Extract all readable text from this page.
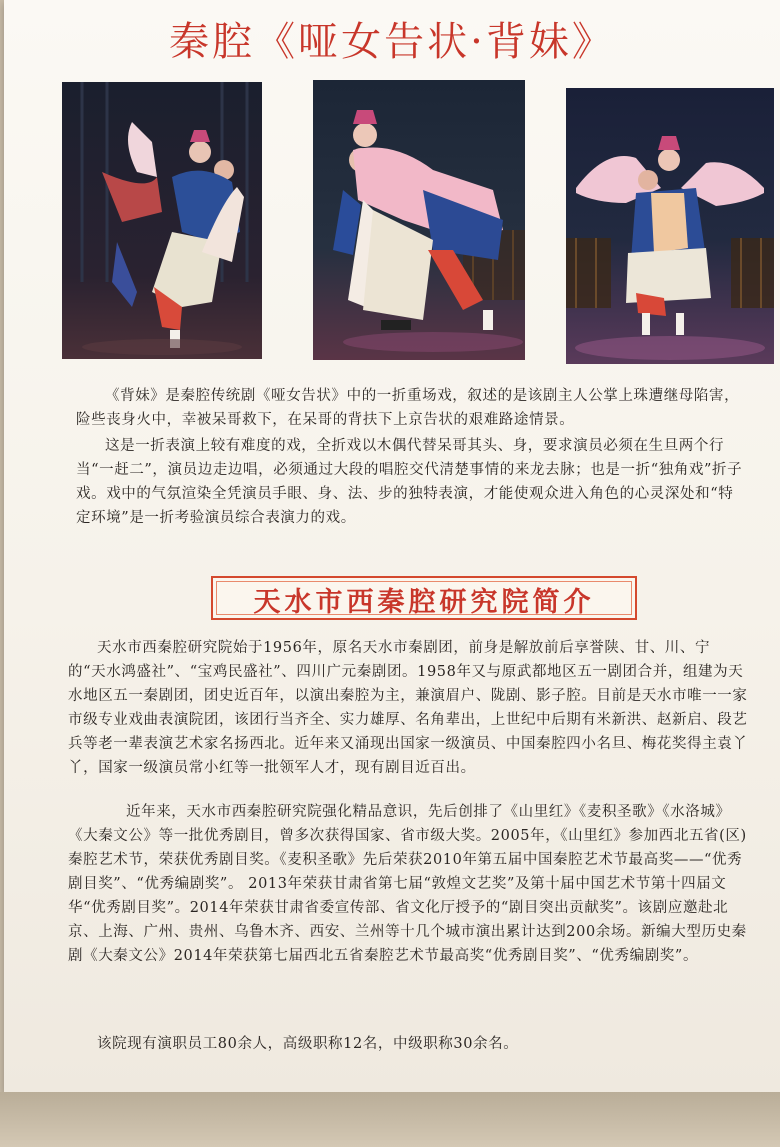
秦腔《哑女告状·背妹》

《背妹》是秦腔传统剧《哑女告状》中的一折重场戏，叙述的是该剧主人公掌上珠遭继母陷害，险些丧身火中，幸被呆哥救下，在呆哥的背扶下上京告状的艰难路途情景。

这是一折表演上较有难度的戏，全折戏以木偶代替呆哥其头、身，要求演员必须在生旦两个行当“一赶二”，演员边走边唱，必须通过大段的唱腔交代清楚事情的来龙去脉；也是一折“独角戏”折子戏。戏中的气氛渲染全凭演员手眼、身、法、步的独特表演，才能使观众进入角色的心灵深处和“特定环境”是一折考验演员综合表演力的戏。

天水市西秦腔研究院简介

天水市西秦腔研究院始于1956年，原名天水市秦剧团，前身是解放前后享誉陕、甘、川、宁的“天水鸿盛社”、“宝鸡民盛社”、四川广元秦剧团。1958年又与原武都地区五一剧团合并，组建为天水地区五一秦剧团，团史近百年，以演出秦腔为主，兼演眉户、陇剧、影子腔。目前是天水市唯一一家市级专业戏曲表演院团，该团行当齐全、实力雄厚、名角辈出，上世纪中后期有米新洪、赵新启、段艺兵等老一辈表演艺术家名扬西北。近年来又涌现出国家一级演员、中国秦腔四小名旦、梅花奖得主袁丫丫，国家一级演员常小红等一批领军人才，现有剧目近百出。

近年来，天水市西秦腔研究院强化精品意识，先后创排了《山里红》《麦积圣歌》《水洛城》《大秦文公》等一批优秀剧目，曾多次获得国家、省市级大奖。2005年，《山里红》参加西北五省(区)秦腔艺术节，荣获优秀剧目奖。《麦积圣歌》先后荣获2010年第五届中国秦腔艺术节最高奖——“优秀剧目奖”、“优秀编剧奖”。 2013年荣获甘肃省第七届“敦煌文艺奖”及第十届中国艺术节第十四届文华“优秀剧目奖”。2014年荣获甘肃省委宣传部、省文化厅授予的“剧目突出贡献奖”。该剧应邀赴北京、上海、广州、贵州、乌鲁木齐、西安、兰州等十几个城市演出累计达到200余场。新编大型历史秦剧《大秦文公》2014年荣获第七届西北五省秦腔艺术节最高奖“优秀剧目奖”、“优秀编剧奖”。

该院现有演职员工80余人，高级职称12名，中级职称30余名。
